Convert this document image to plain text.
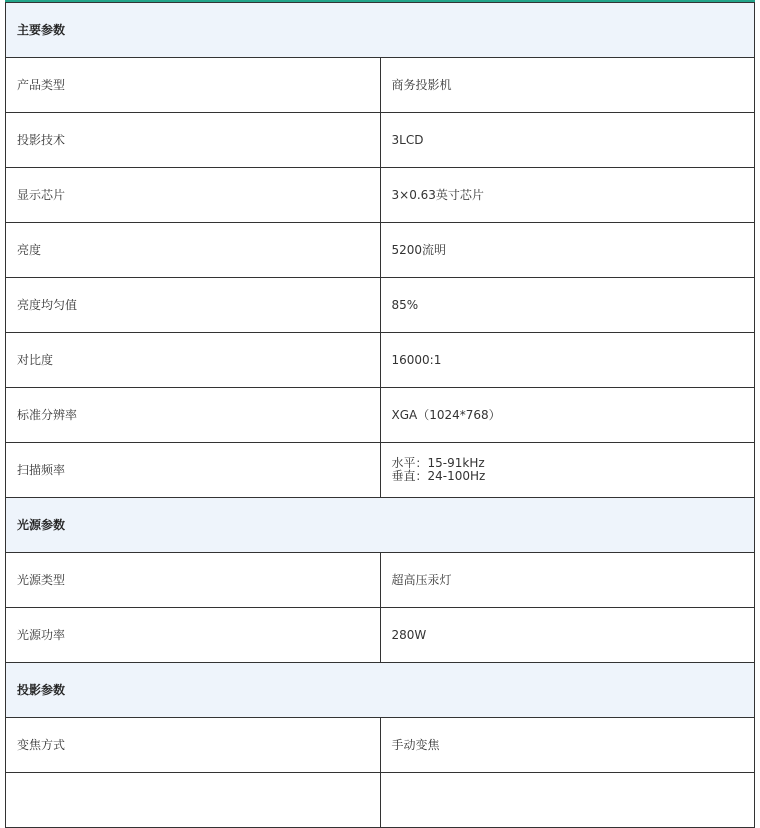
主要参数	
产品类型	商务投影机
投影技术	3LCD
显示芯片	3×0.63英寸芯片
亮度	5200流明
亮度均匀值	85%
对比度	16000:1
标准分辨率	XGA（1024*768）
扫描频率	水平：15-91kHz
垂直：24-100Hz

光源参数	
光源类型	超高压汞灯
光源功率	280W
投影参数	
变焦方式	手动变焦
